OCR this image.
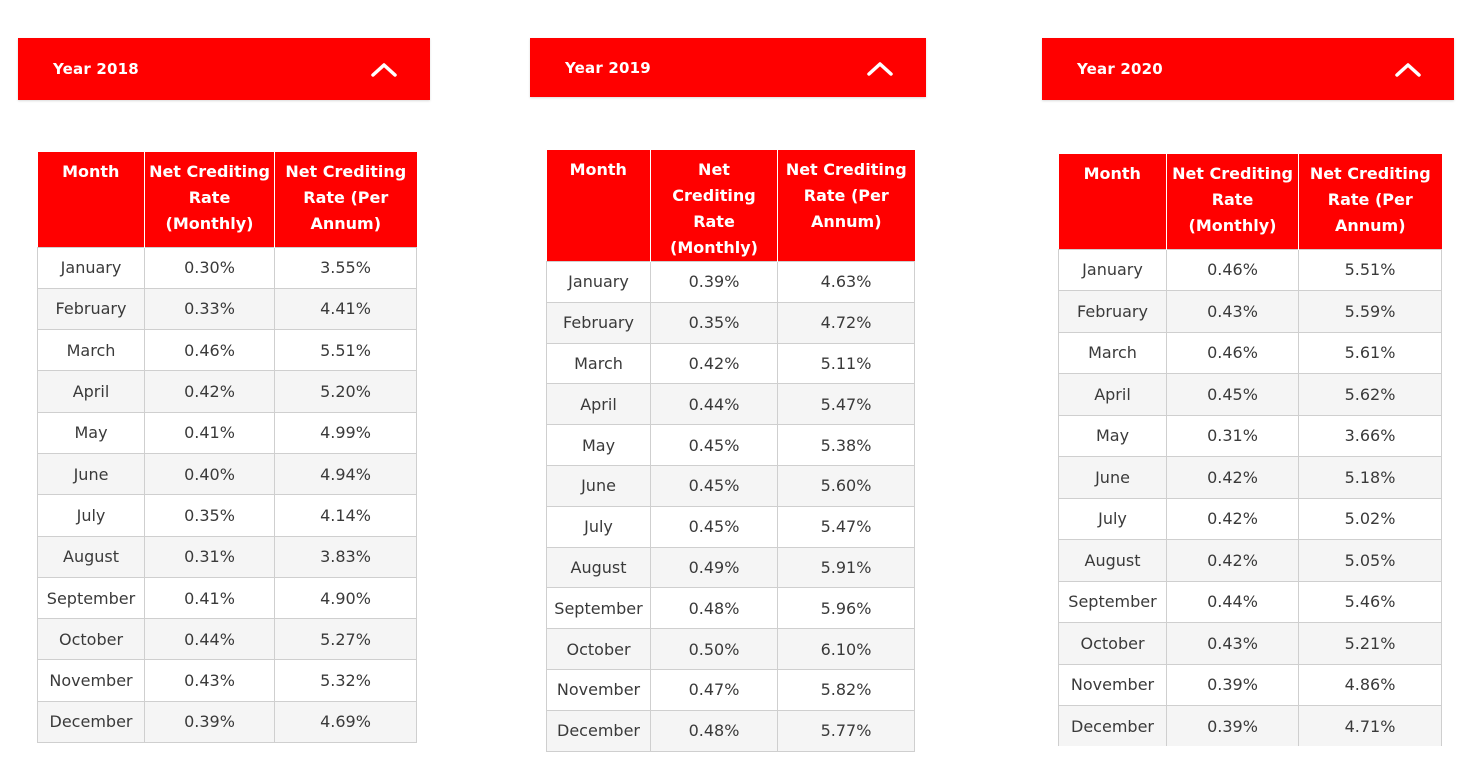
Year 2018
Month	Net Crediting Rate (Monthly)	Net Crediting Rate (Per Annum)
January	0.30%	3.55%
February	0.33%	4.41%
March	0.46%	5.51%
April	0.42%	5.20%
May	0.41%	4.99%
June	0.40%	4.94%
July	0.35%	4.14%
August	0.31%	3.83%
September	0.41%	4.90%
October	0.44%	5.27%
November	0.43%	5.32%
December	0.39%	4.69%
Year 2019
Month	Net Crediting Rate (Monthly)	Net Crediting Rate (Per Annum)
January	0.39%	4.63%
February	0.35%	4.72%
March	0.42%	5.11%
April	0.44%	5.47%
May	0.45%	5.38%
June	0.45%	5.60%
July	0.45%	5.47%
August	0.49%	5.91%
September	0.48%	5.96%
October	0.50%	6.10%
November	0.47%	5.82%
December	0.48%	5.77%
Year 2020
Month	Net Crediting Rate (Monthly)	Net Crediting Rate (Per Annum)
January	0.46%	5.51%
February	0.43%	5.59%
March	0.46%	5.61%
April	0.45%	5.62%
May	0.31%	3.66%
June	0.42%	5.18%
July	0.42%	5.02%
August	0.42%	5.05%
September	0.44%	5.46%
October	0.43%	5.21%
November	0.39%	4.86%
December	0.39%	4.71%
